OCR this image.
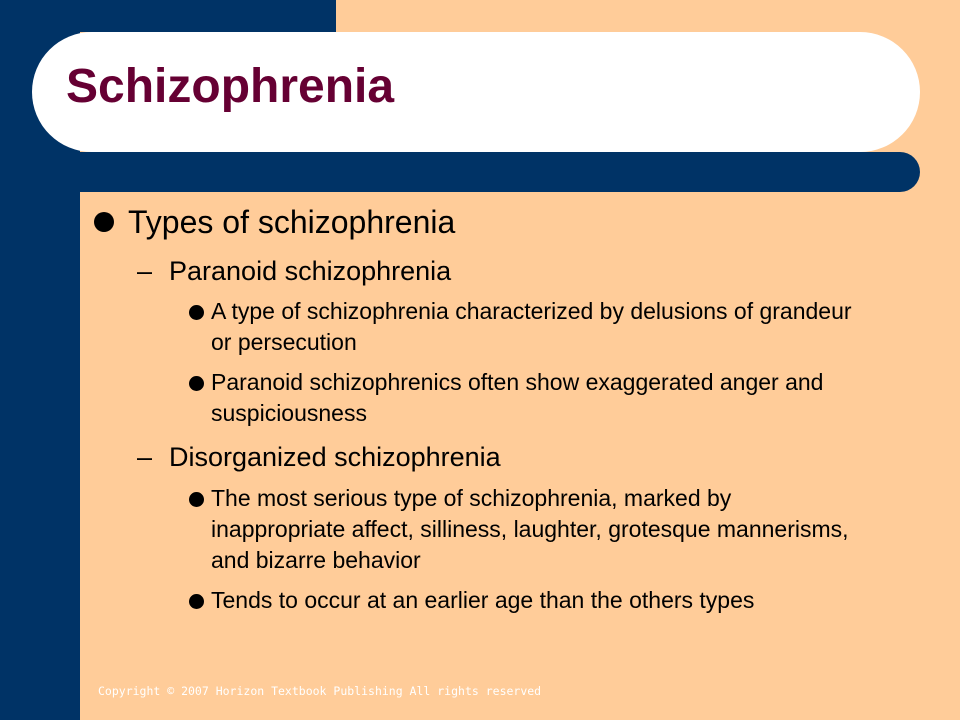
Schizophrenia
Types of schizophrenia
– Paranoid schizophrenia
A type of schizophrenia characterized by delusions of grandeur or persecution
Paranoid schizophrenics often show exaggerated anger and suspiciousness
– Disorganized schizophrenia
The most serious type of schizophrenia, marked by inappropriate affect, silliness, laughter, grotesque mannerisms, and bizarre behavior
Tends to occur at an earlier age than the others types
Copyright © 2007 Horizon Textbook Publishing All rights reserved
